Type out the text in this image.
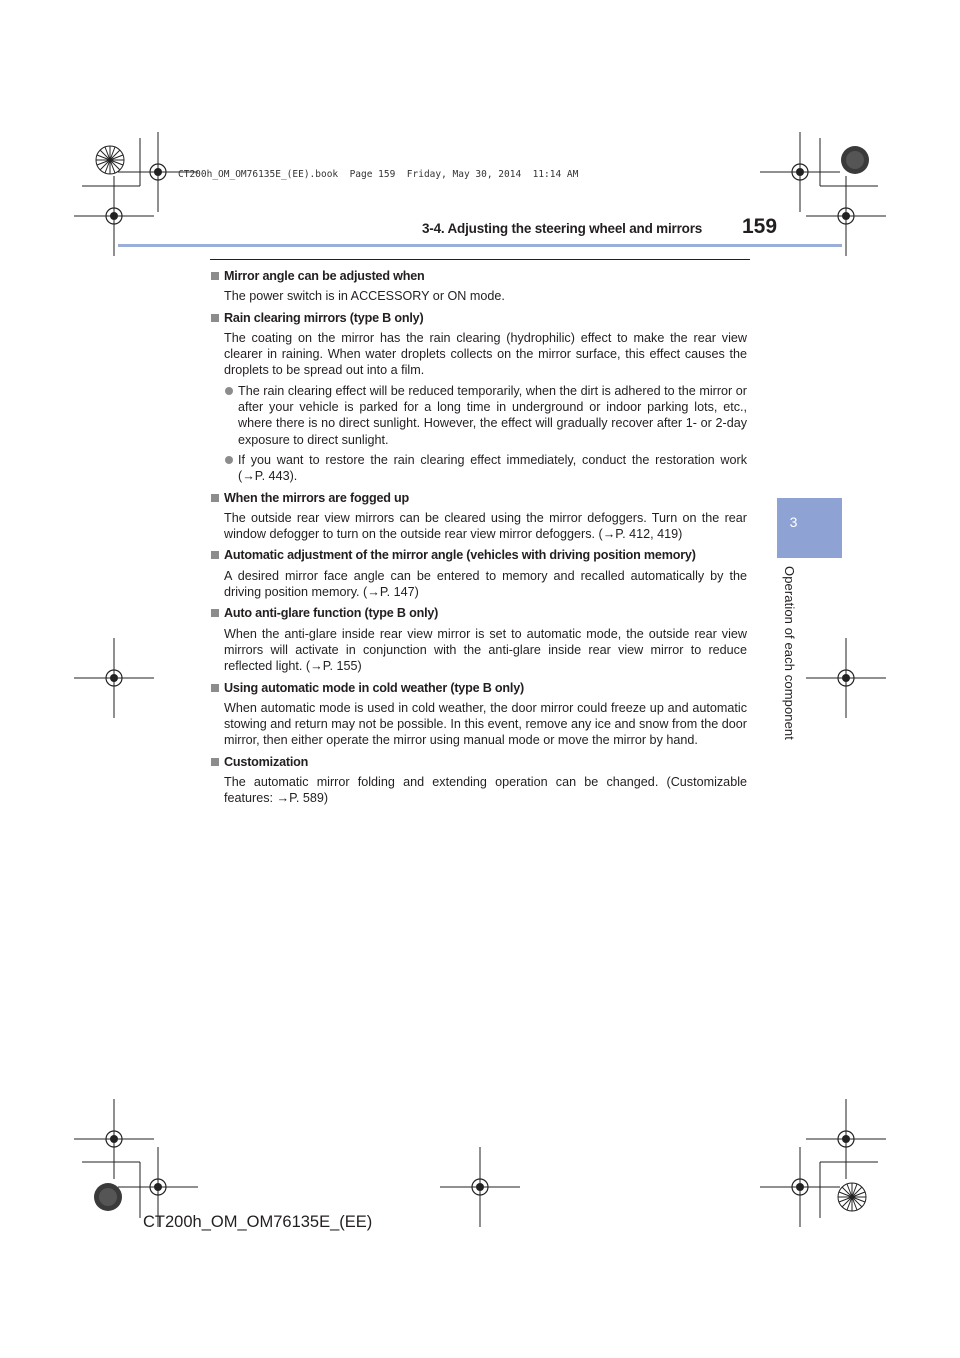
CT200h_OM_OM76135E_(EE).book  Page 159  Friday, May 30, 2014  11:14 AM
3-4. Adjusting the steering wheel and mirrors 159
3
Operation of each component
Mirror angle can be adjusted when
The power switch is in ACCESSORY or ON mode.
Rain clearing mirrors (type B only)
The coating on the mirror has the rain clearing (hydrophilic) effect to make the rear view clearer in raining. When water droplets collects on the mirror surface, this effect causes the droplets to be spread out into a film.
The rain clearing effect will be reduced temporarily, when the dirt is adhered to the mirror or after your vehicle is parked for a long time in underground or indoor parking lots, etc., where there is no direct sunlight. However, the effect will gradually recover after 1- or 2-day exposure to direct sunlight.
If you want to restore the rain clearing effect immediately, conduct the restoration work (→P. 443).
When the mirrors are fogged up
The outside rear view mirrors can be cleared using the mirror defoggers. Turn on the rear window defogger to turn on the outside rear view mirror defoggers. (→P. 412, 419)
Automatic adjustment of the mirror angle (vehicles with driving position memory)
A desired mirror face angle can be entered to memory and recalled automatically by the driving position memory. (→P. 147)
Auto anti-glare function (type B only)
When the anti-glare inside rear view mirror is set to automatic mode, the outside rear view mirrors will activate in conjunction with the anti-glare inside rear view mirror to reduce reflected light. (→P. 155)
Using automatic mode in cold weather (type B only)
When automatic mode is used in cold weather, the door mirror could freeze up and automatic stowing and return may not be possible. In this event, remove any ice and snow from the door mirror, then either operate the mirror using manual mode or move the mirror by hand.
Customization
The automatic mirror folding and extending operation can be changed. (Customizable features: →P. 589)
CT200h_OM_OM76135E_(EE)
